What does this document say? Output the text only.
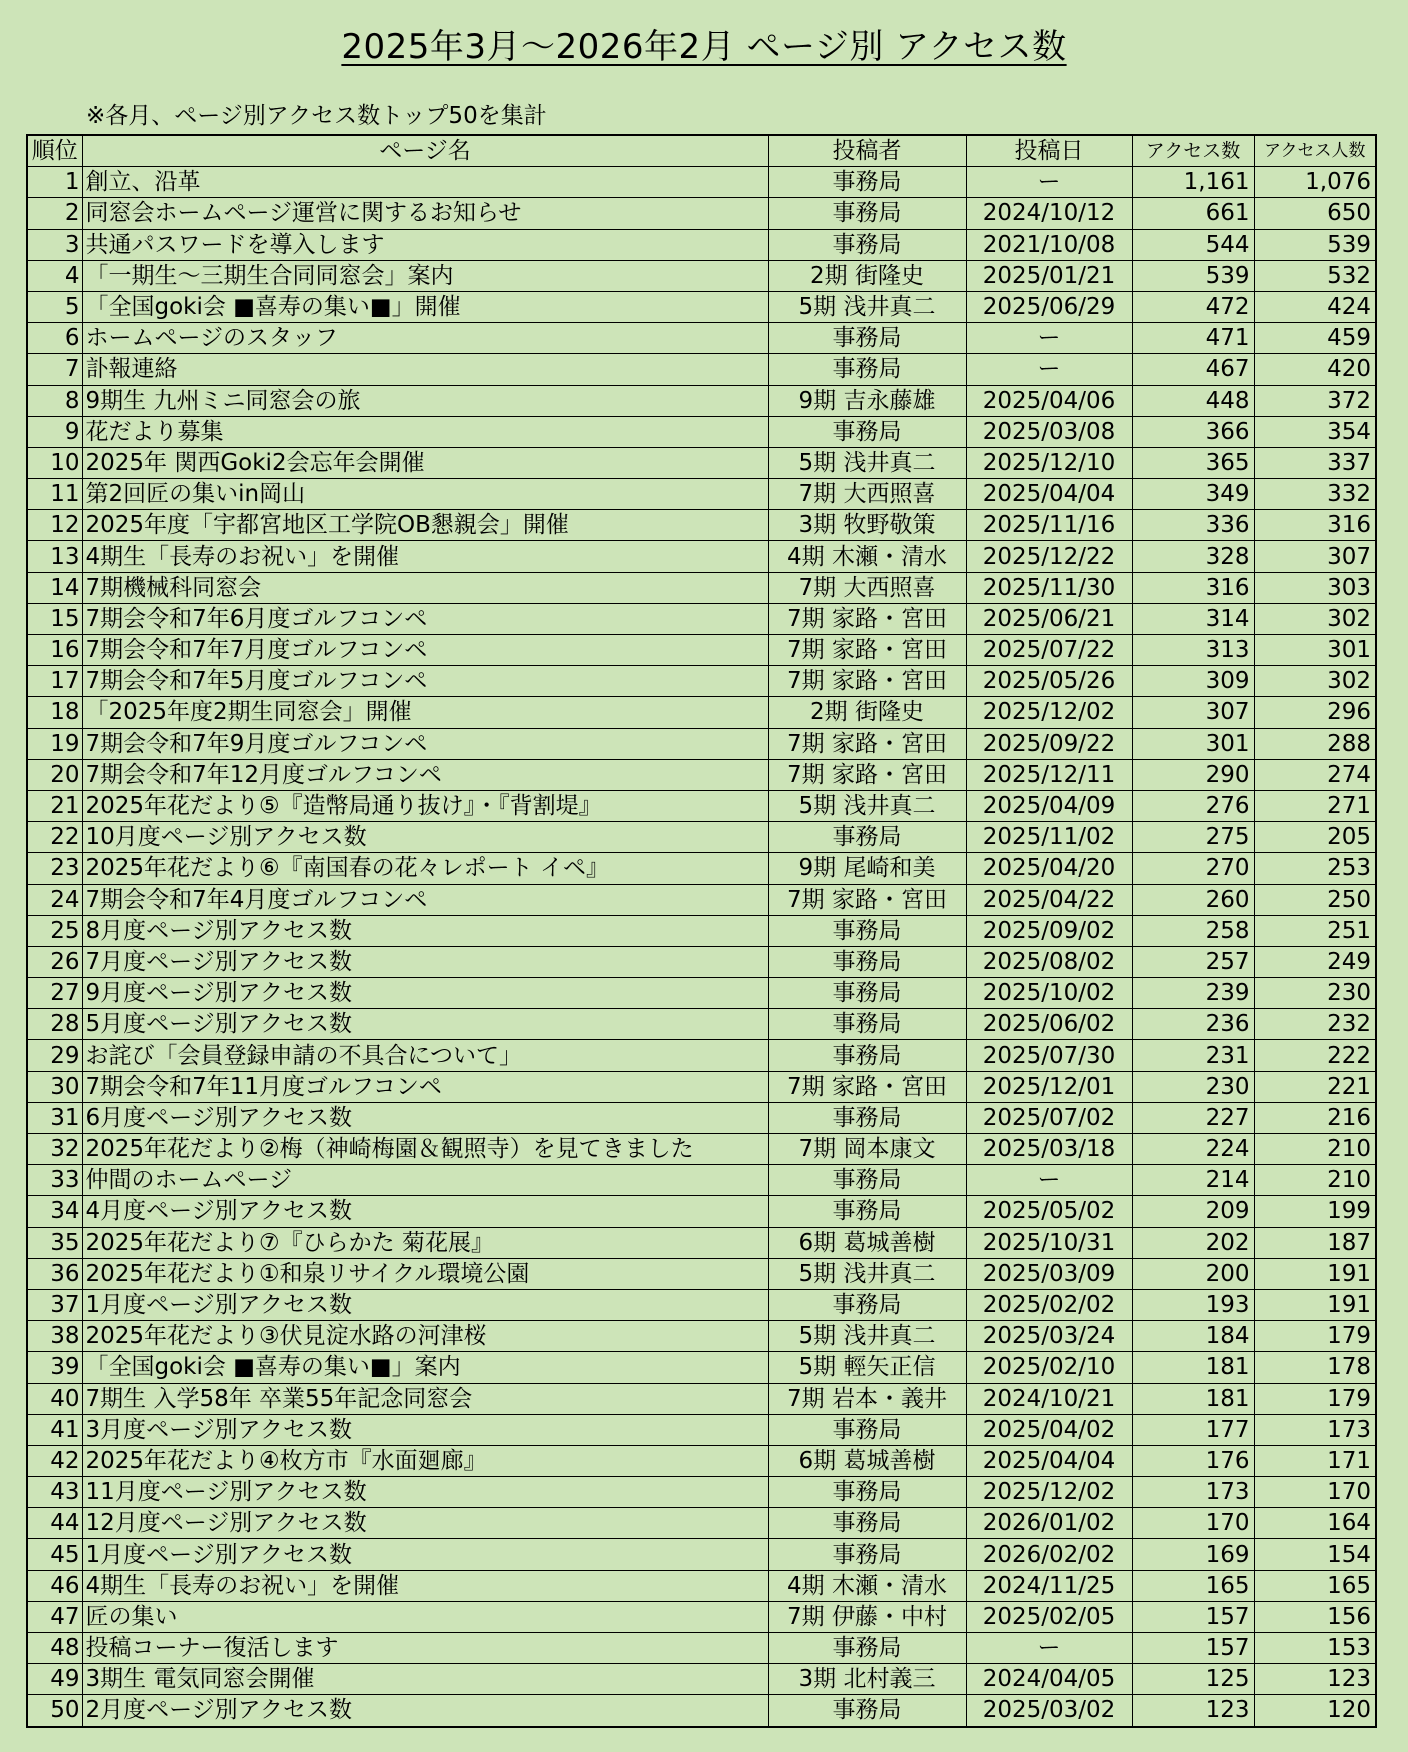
2025年3月～2026年2月 ページ別 アクセス数
※各月、ページ別アクセス数トップ50を集計
順位	ページ名	投稿者	投稿日	アクセス数	アクセス人数
1	創立、沿革	事務局	ー	1,161	1,076
2	同窓会ホームページ運営に関するお知らせ	事務局	2024/10/12	661	650
3	共通パスワードを導入します	事務局	2021/10/08	544	539
4	「一期生～三期生合同同窓会」案内	2期 街隆史	2025/01/21	539	532
5	「全国goki会 ■喜寿の集い■」開催	5期 浅井真二	2025/06/29	472	424
6	ホームページのスタッフ	事務局	ー	471	459
7	訃報連絡	事務局	ー	467	420
8	9期生 九州ミニ同窓会の旅	9期 吉永藤雄	2025/04/06	448	372
9	花だより募集	事務局	2025/03/08	366	354
10	2025年 関西Goki2会忘年会開催	5期 浅井真二	2025/12/10	365	337
11	第2回匠の集いin岡山	7期 大西照喜	2025/04/04	349	332
12	2025年度「宇都宮地区工学院OB懇親会」開催	3期 牧野敬策	2025/11/16	336	316
13	4期生「長寿のお祝い」を開催	4期 木瀬・清水	2025/12/22	328	307
14	7期機械科同窓会	7期 大西照喜	2025/11/30	316	303
15	7期会令和7年6月度ゴルフコンペ	7期 家路・宮田	2025/06/21	314	302
16	7期会令和7年7月度ゴルフコンペ	7期 家路・宮田	2025/07/22	313	301
17	7期会令和7年5月度ゴルフコンペ	7期 家路・宮田	2025/05/26	309	302
18	「2025年度2期生同窓会」開催	2期 街隆史	2025/12/02	307	296
19	7期会令和7年9月度ゴルフコンペ	7期 家路・宮田	2025/09/22	301	288
20	7期会令和7年12月度ゴルフコンペ	7期 家路・宮田	2025/12/11	290	274
21	2025年花だより⑤『造幣局通り抜け』・『背割堤』	5期 浅井真二	2025/04/09	276	271
22	10月度ページ別アクセス数	事務局	2025/11/02	275	205
23	2025年花だより⑥『南国春の花々レポート イペ』	9期 尾崎和美	2025/04/20	270	253
24	7期会令和7年4月度ゴルフコンペ	7期 家路・宮田	2025/04/22	260	250
25	8月度ページ別アクセス数	事務局	2025/09/02	258	251
26	7月度ページ別アクセス数	事務局	2025/08/02	257	249
27	9月度ページ別アクセス数	事務局	2025/10/02	239	230
28	5月度ページ別アクセス数	事務局	2025/06/02	236	232
29	お詫び「会員登録申請の不具合について」	事務局	2025/07/30	231	222
30	7期会令和7年11月度ゴルフコンペ	7期 家路・宮田	2025/12/01	230	221
31	6月度ページ別アクセス数	事務局	2025/07/02	227	216
32	2025年花だより②梅（神崎梅園＆観照寺）を見てきました	7期 岡本康文	2025/03/18	224	210
33	仲間のホームページ	事務局	ー	214	210
34	4月度ページ別アクセス数	事務局	2025/05/02	209	199
35	2025年花だより⑦『ひらかた 菊花展』	6期 葛城善樹	2025/10/31	202	187
36	2025年花だより①和泉リサイクル環境公園	5期 浅井真二	2025/03/09	200	191
37	1月度ページ別アクセス数	事務局	2025/02/02	193	191
38	2025年花だより③伏見淀水路の河津桜	5期 浅井真二	2025/03/24	184	179
39	「全国goki会 ■喜寿の集い■」案内	5期 輕矢正信	2025/02/10	181	178
40	7期生 入学58年 卒業55年記念同窓会	7期 岩本・義井	2024/10/21	181	179
41	3月度ページ別アクセス数	事務局	2025/04/02	177	173
42	2025年花だより④枚方市『水面廻廊』	6期 葛城善樹	2025/04/04	176	171
43	11月度ページ別アクセス数	事務局	2025/12/02	173	170
44	12月度ページ別アクセス数	事務局	2026/01/02	170	164
45	1月度ページ別アクセス数	事務局	2026/02/02	169	154
46	4期生「長寿のお祝い」を開催	4期 木瀬・清水	2024/11/25	165	165
47	匠の集い	7期 伊藤・中村	2025/02/05	157	156
48	投稿コーナー復活します	事務局	ー	157	153
49	3期生 電気同窓会開催	3期 北村義三	2024/04/05	125	123
50	2月度ページ別アクセス数	事務局	2025/03/02	123	120
